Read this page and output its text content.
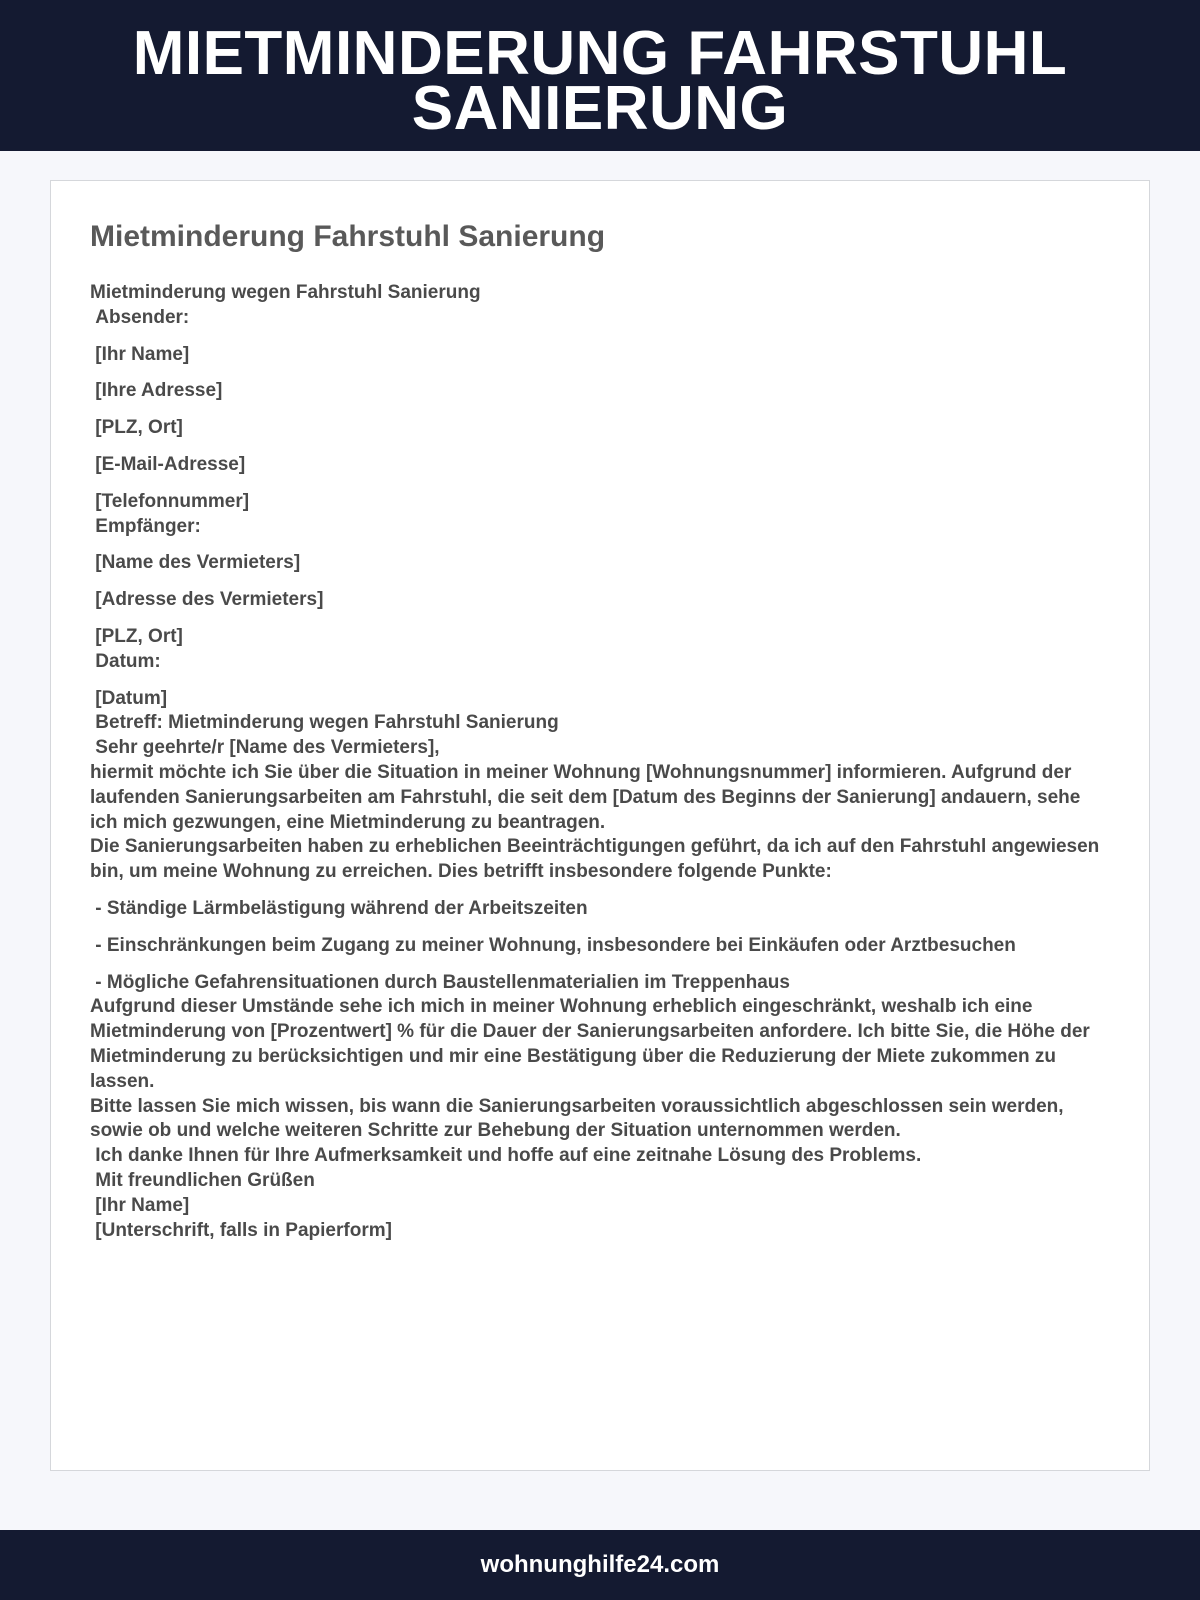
MIETMINDERUNG FAHRSTUHL SANIERUNG
Mietminderung Fahrstuhl Sanierung
Mietminderung wegen Fahrstuhl Sanierung
Absender:
[Ihr Name]
[Ihre Adresse]
[PLZ, Ort]
[E-Mail-Adresse]
[Telefonnummer]
Empfänger:
[Name des Vermieters]
[Adresse des Vermieters]
[PLZ, Ort]
Datum:
[Datum]
Betreff: Mietminderung wegen Fahrstuhl Sanierung
Sehr geehrte/r [Name des Vermieters],
hiermit möchte ich Sie über die Situation in meiner Wohnung [Wohnungsnummer] informieren. Aufgrund der laufenden Sanierungsarbeiten am Fahrstuhl, die seit dem [Datum des Beginns der Sanierung] andauern, sehe ich mich gezwungen, eine Mietminderung zu beantragen.
Die Sanierungsarbeiten haben zu erheblichen Beeinträchtigungen geführt, da ich auf den Fahrstuhl angewiesen bin, um meine Wohnung zu erreichen. Dies betrifft insbesondere folgende Punkte:
- Ständige Lärmbelästigung während der Arbeitszeiten
- Einschränkungen beim Zugang zu meiner Wohnung, insbesondere bei Einkäufen oder Arztbesuchen
- Mögliche Gefahrensituationen durch Baustellenmaterialien im Treppenhaus
Aufgrund dieser Umstände sehe ich mich in meiner Wohnung erheblich eingeschränkt, weshalb ich eine Mietminderung von [Prozentwert] % für die Dauer der Sanierungsarbeiten anfordere. Ich bitte Sie, die Höhe der Mietminderung zu berücksichtigen und mir eine Bestätigung über die Reduzierung der Miete zukommen zu lassen.
Bitte lassen Sie mich wissen, bis wann die Sanierungsarbeiten voraussichtlich abgeschlossen sein werden, sowie ob und welche weiteren Schritte zur Behebung der Situation unternommen werden.
Ich danke Ihnen für Ihre Aufmerksamkeit und hoffe auf eine zeitnahe Lösung des Problems.
Mit freundlichen Grüßen
[Ihr Name]
[Unterschrift, falls in Papierform]
wohnunghilfe24.com
